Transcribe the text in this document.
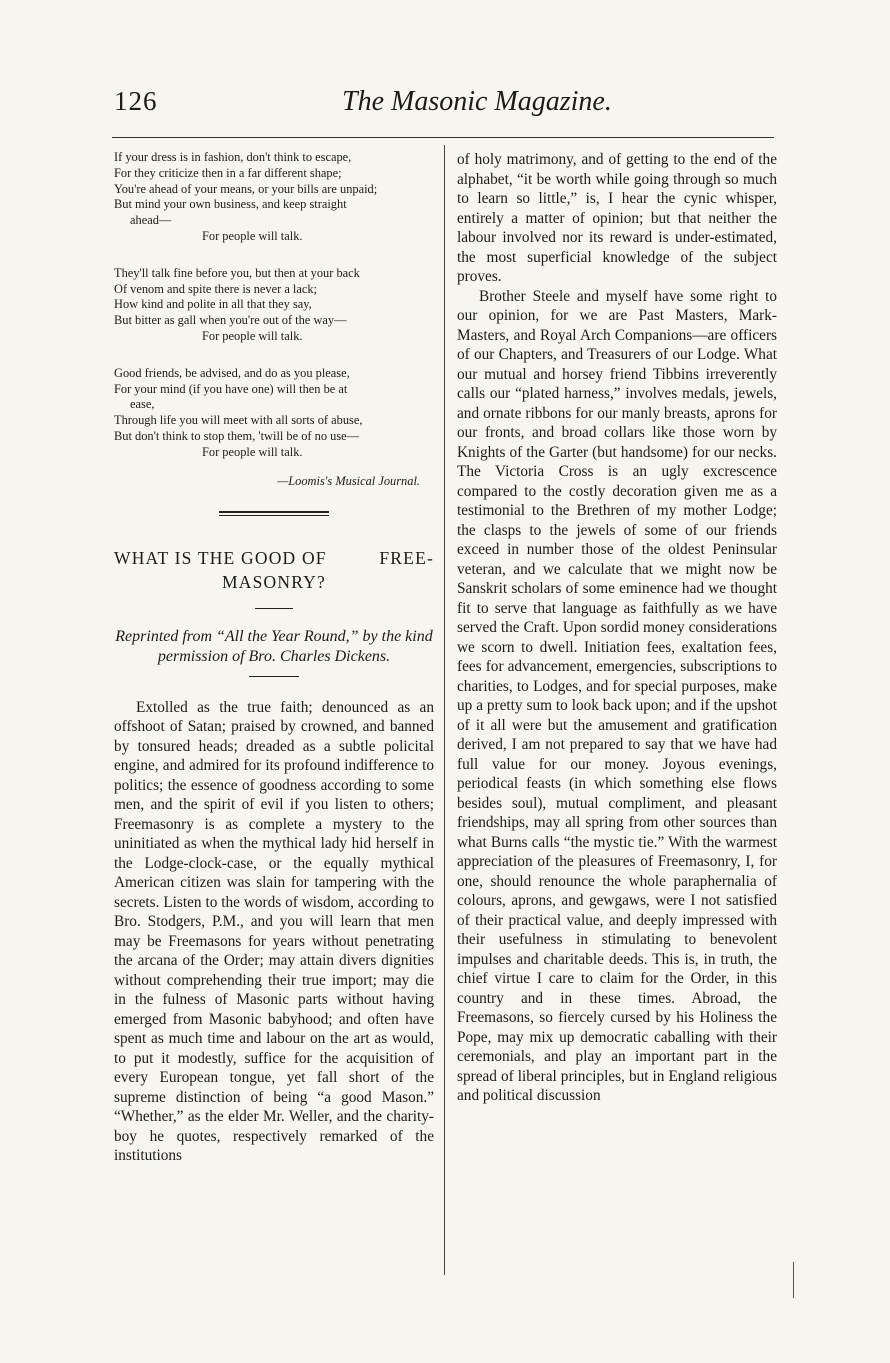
126	The Masonic Magazine.
If your dress is in fashion, don't think to escape,
For they criticize then in a far different shape;
You're ahead of your means, or your bills are unpaid;
But mind your own business, and keep straight
ahead—
For people will talk.
They'll talk fine before you, but then at your back
Of venom and spite there is never a lack;
How kind and polite in all that they say,
But bitter as gall when you're out of the way—
For people will talk.
Good friends, be advised, and do as you please,
For your mind (if you have one) will then be at
ease,
Through life you will meet with all sorts of abuse,
But don't think to stop them, 'twill be of no use—
For people will talk.
—Loomis's Musical Journal.
WHAT IS THE GOOD OF	FREE-
MASONRY?
Reprinted from “All the Year Round,” by the kind permission of Bro. Charles Dickens.

Extolled as the true faith; denounced as an offshoot of Satan; praised by crowned, and banned by tonsured heads; dreaded as a subtle policital engine, and admired for its profound indifference to politics; the essence of goodness according to some men, and the spirit of evil if you listen to others; Freemasonry is as complete a mystery to the uninitiated as when the mythical lady hid herself in the Lodge-clock-case, or the equally mythical American citizen was slain for tampering with the secrets. Listen to the words of wisdom, according to Bro. Stodgers, P.M., and you will learn that men may be Freemasons for years without penetrating the arcana of the Order; may attain divers dignities without comprehending their true import; may die in the fulness of Masonic parts without having emerged from Masonic babyhood; and often have spent as much time and labour on the art as would, to put it modestly, suffice for the acquisition of every European tongue, yet fall short of the supreme distinction of being “a good Mason.” “Whether,” as the elder Mr. Weller, and the charity-boy he quotes, respectively remarked of the institutions

of holy matrimony, and of getting to the end of the alphabet, “it be worth while going through so much to learn so little,” is, I hear the cynic whisper, entirely a matter of opinion; but that neither the labour involved nor its reward is under-estimated, the most superficial knowledge of the subject proves.

Brother Steele and myself have some right to our opinion, for we are Past Masters, Mark-Masters, and Royal Arch Companions—are officers of our Chapters, and Treasurers of our Lodge. What our mutual and horsey friend Tibbins irreverently calls our “plated harness,” involves medals, jewels, and ornate ribbons for our manly breasts, aprons for our fronts, and broad collars like those worn by Knights of the Garter (but handsome) for our necks. The Victoria Cross is an ugly excrescence compared to the costly decoration given me as a testimonial to the Brethren of my mother Lodge; the clasps to the jewels of some of our friends exceed in number those of the oldest Peninsular veteran, and we calculate that we might now be Sanskrit scholars of some eminence had we thought fit to serve that language as faithfully as we have served the Craft. Upon sordid money considerations we scorn to dwell. Initiation fees, exaltation fees, fees for advancement, emergencies, subscriptions to charities, to Lodges, and for special purposes, make up a pretty sum to look back upon; and if the upshot of it all were but the amusement and gratification derived, I am not prepared to say that we have had full value for our money. Joyous evenings, periodical feasts (in which something else flows besides soul), mutual compliment, and pleasant friendships, may all spring from other sources than what Burns calls “the mystic tie.” With the warmest appreciation of the pleasures of Freemasonry, I, for one, should renounce the whole paraphernalia of colours, aprons, and gewgaws, were I not satisfied of their practical value, and deeply impressed with their usefulness in stimulating to benevolent impulses and charitable deeds. This is, in truth, the chief virtue I care to claim for the Order, in this country and in these times. Abroad, the Freemasons, so fiercely cursed by his Holiness the Pope, may mix up democratic caballing with their ceremonials, and play an important part in the spread of liberal principles, but in England religious and political discussion
